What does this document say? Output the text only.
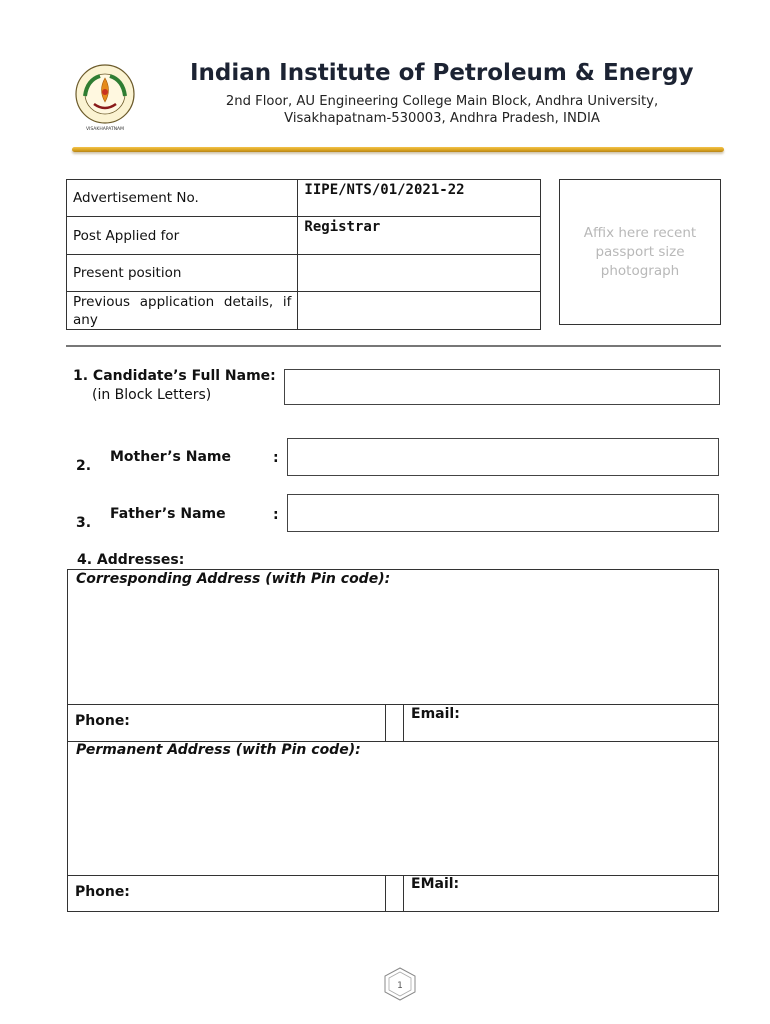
VISAKHAPATNAM
Indian Institute of Petroleum & Energy
2nd Floor, AU Engineering College Main Block, Andhra University,
Visakhapatnam-530003, Andhra Pradesh, INDIA
Advertisement No.	IIPE/NTS/01/2021-22
Post Applied for	Registrar
Present position	
Previous application details, if any	
Affix here recent passport size photograph
1. Candidate’s Full Name:
(in Block Letters)
2.
Mother’s Name	:
3.
Father’s Name	:
4. Addresses:
Corresponding Address (with Pin code):
Phone:	Email:
Permanent Address (with Pin code):
Phone:	EMail:
1
